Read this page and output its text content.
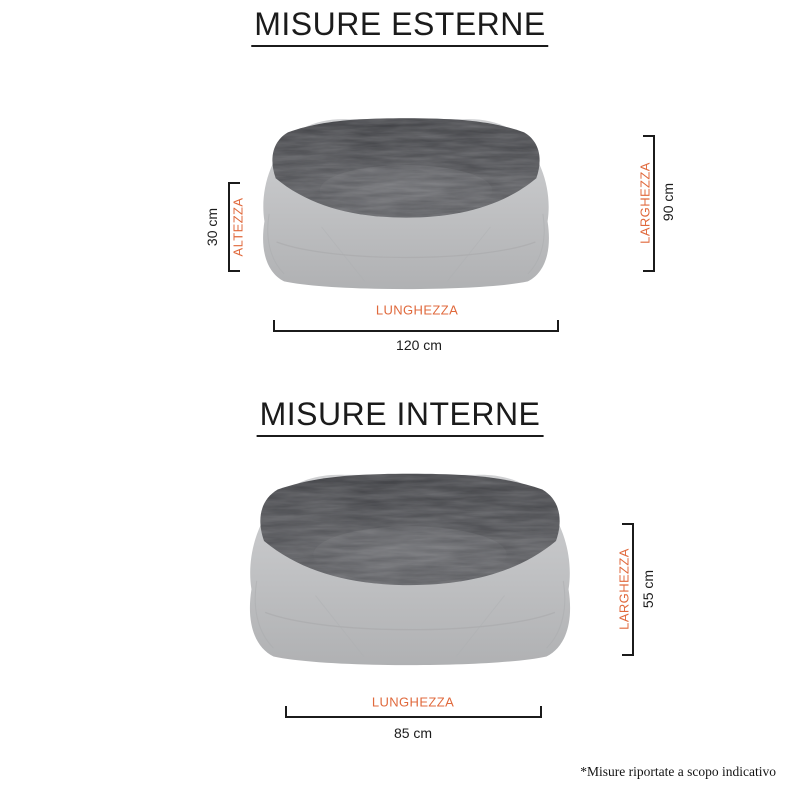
MISURE ESTERNE
ALTEZZA
30 cm	LARGHEZZA 90 cm
LUNGHEZZA
120 cm
MISURE INTERNE
LARGHEZZA 55 cm
LUNGHEZZA
85 cm
*Misure riportate a scopo indicativo
